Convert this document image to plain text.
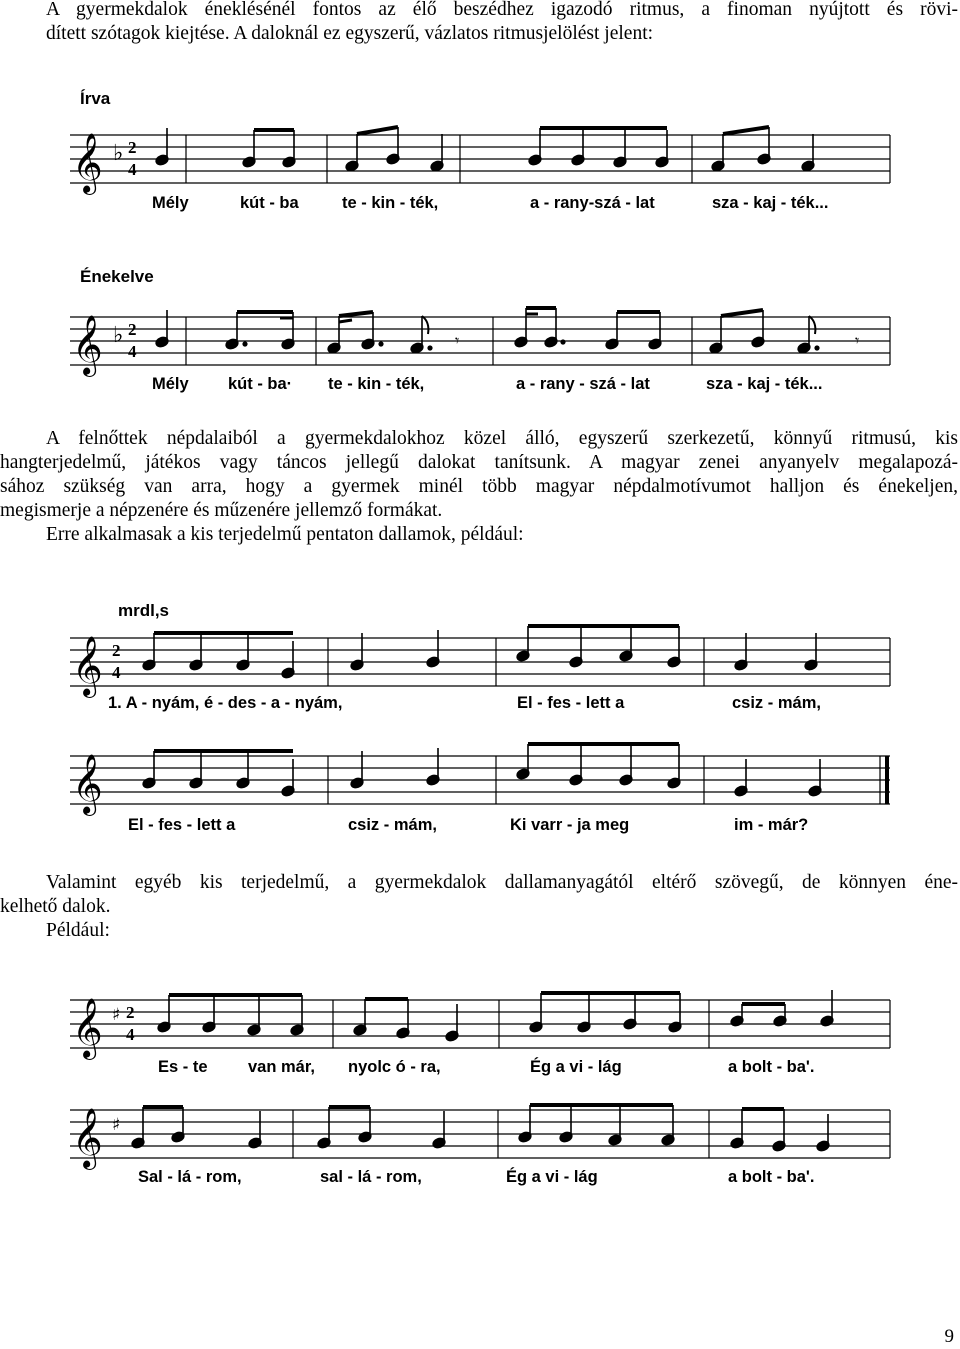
A gyermekdalok éneklésénél fontos az élő beszédhez igazodó ritmus, a finoman nyújtott és rövi-
dített szótagok kiejtése. A daloknál ez egyszerű, vázlatos ritmusjelölést jelent:
Írva
𝄞 ♭ 2
4
Mély	kút - ba	te - kin - ték,	a - rany-szá - lat	sza - kaj - ték...
Énekelve
𝄞 ♭ 2
4
𝄾	𝄾
Mély kút - ba· te - kin - ték,	a - rany - szá - lat	sza - kaj - ték...
A felnőttek népdalaiból a gyermekdalokhoz közel álló, egyszerű szerkezetű, könnyű ritmusú, kis
hangterjedelmű, játékos vagy táncos jellegű dalokat tanítsunk. A magyar zenei anyanyelv megalapozá-
sához szükség van arra, hogy a gyermek minél több magyar népdalmotívumot halljon és énekeljen,
megismerje a népzenére és műzenére jellemző formákat.
Erre alkalmasak a kis terjedelmű pentaton dallamok, például:
mrdl,s
𝄞 2
4
1. A - nyám, é - des - a - nyám,	El - fes - lett a	csiz - mám,
𝄞
El - fes - lett a	csiz - mám,	Ki varr - ja meg	im - már?
Valamint egyéb kis terjedelmű, a gyermekdalok dallamanyagától eltérő szövegű, de könnyen éne-
kelhető dalok.
Például:
𝄞 ♯ 2
4
Es - te van már, nyolc ó - ra,	Ég a vi - lág	a bolt - ba'.
𝄞 ♯
Sal - lá - rom,	sal - lá - rom,	Ég a vi - lág	a bolt - ba'.
9
